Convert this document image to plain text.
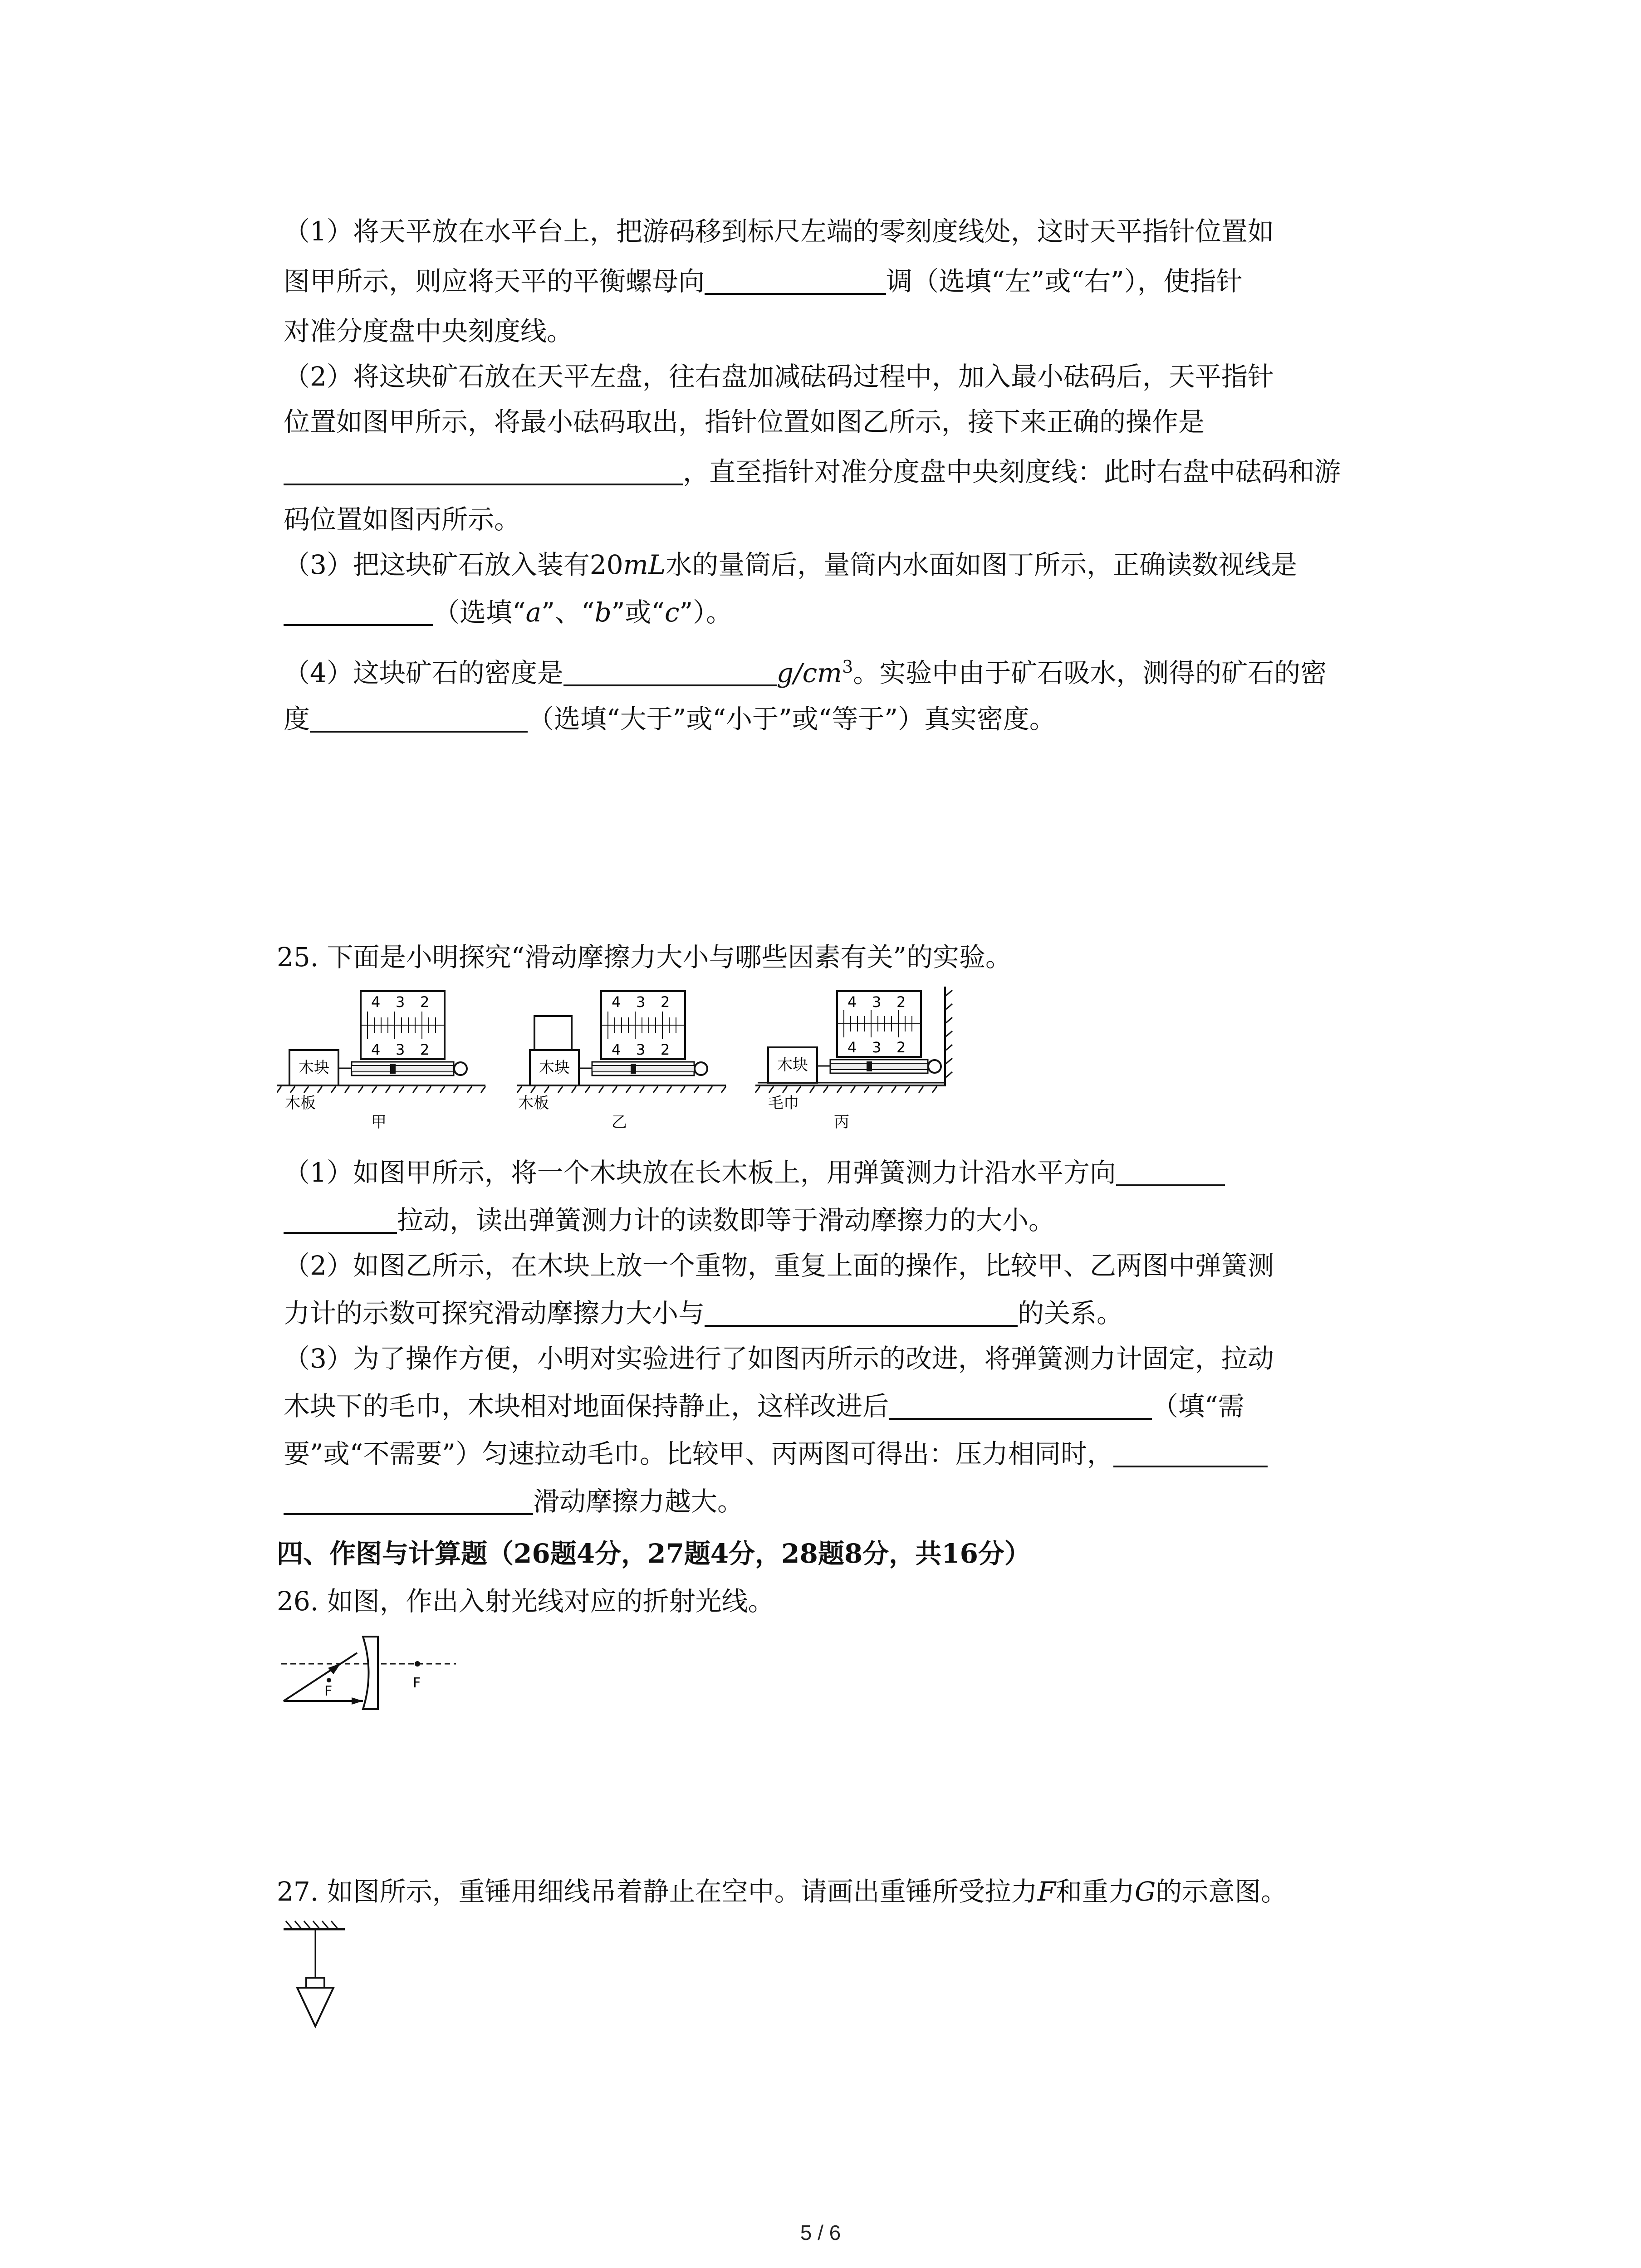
（1）将天平放在水平台上，把游码移到标尺左端的零刻度线处，这时天平指针位置如
图甲所示，则应将天平的平衡螺母向	调（选填“左”或“右”），使指针
对准分度盘中央刻度线。
（2）将这块矿石放在天平左盘，往右盘加减砝码过程中，加入最小砝码后，天平指针
位置如图甲所示，将最小砝码取出，指针位置如图乙所示，接下来正确的操作是
，直至指针对准分度盘中央刻度线：此时右盘中砝码和游
码位置如图丙所示。
（3）把这块矿石放入装有20mL水的量筒后，量筒内水面如图丁所示，正确读数视线是
（选填“a”、“b”或“c”）。
（4）这块矿石的密度是	$g/cm^3$。实验中由于矿石吸水，测得的矿石的密
度	（选填“大于”或“小于”或“等于”）真实密度。
25. 下面是小明探究“滑动摩擦力大小与哪些因素有关”的实验。
木块
4 3 2
4 3 2
木板
甲
木块
4 3 2
4 3 2
木板
乙
木块
4 3 2
4 3 2
毛巾
丙
（1）如图甲所示，将一个木块放在长木板上，用弹簧测力计沿水平方向
拉动，读出弹簧测力计的读数即等于滑动摩擦力的大小。
（2）如图乙所示，在木块上放一个重物，重复上面的操作，比较甲、乙两图中弹簧测
力计的示数可探究滑动摩擦力大小与	的关系。
（3）为了操作方便，小明对实验进行了如图丙所示的改进，将弹簧测力计固定，拉动
木块下的毛巾，木块相对地面保持静止，这样改进后	（填“需
要”或“不需要”）匀速拉动毛巾。比较甲、丙两图可得出：压力相同时，
滑动摩擦力越大。
四、作图与计算题（26题4分，27题4分，28题8分，共16分）
26. 如图，作出入射光线对应的折射光线。
F
F
27. 如图所示，重锤用细线吊着静止在空中。请画出重锤所受拉力F和重力G的示意图。
5 / 6
